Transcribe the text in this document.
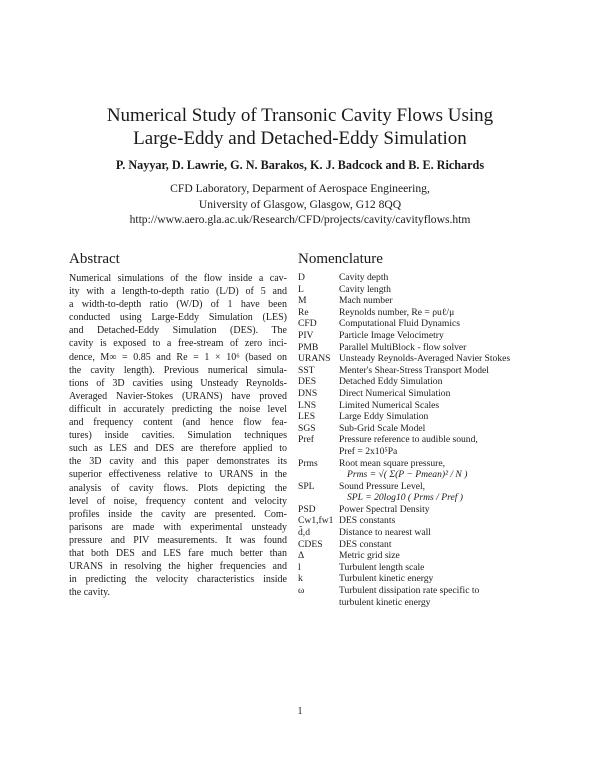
Numerical Study of Transonic Cavity Flows Using
Large-Eddy and Detached-Eddy Simulation
P. Nayyar, D. Lawrie, G. N. Barakos, K. J. Badcock and B. E. Richards
CFD Laboratory, Deparment of Aerospace Engineering,
University of Glasgow, Glasgow, G12 8QQ
http://www.aero.gla.ac.uk/Research/CFD/projects/cavity/cavityflows.htm
Abstract	Nomenclature
Numerical simulations of the flow inside a cav-
ity with a length-to-depth ratio (L/D) of 5 and
a width-to-depth ratio (W/D) of 1 have been
conducted using Large-Eddy Simulation (LES)
and Detached-Eddy Simulation (DES). The
cavity is exposed to a free-stream of zero inci-
dence, M∞ = 0.85 and Re = 1 × 10⁶ (based on
the cavity length). Previous numerical simula-
tions of 3D cavities using Unsteady Reynolds-
Averaged Navier-Stokes (URANS) have proved
difficult in accurately predicting the noise level
and frequency content (and hence flow fea-
tures) inside cavities. Simulation techniques
such as LES and DES are therefore applied to
the 3D cavity and this paper demonstrates its
superior effectiveness relative to URANS in the
analysis of cavity flows. Plots depicting the
level of noise, frequency content and velocity
profiles inside the cavity are presented. Com-
parisons are made with experimental unsteady
pressure and PIV measurements. It was found
that both DES and LES fare much better than
URANS in resolving the higher frequencies and
in predicting the velocity characteristics inside
the cavity.
D	Cavity depth
L	Cavity length
M	Mach number
Re	Reynolds number, Re = ρuℓ/μ
CFD	Computational Fluid Dynamics
PIV	Particle Image Velocimetry
PMB	Parallel MultiBlock - flow solver
URANS Unsteady Reynolds-Averaged Navier Stokes
SST	Menter's Shear-Stress Transport Model
DES	Detached Eddy Simulation
DNS	Direct Numerical Simulation
LNS	Limited Numerical Scales
LES	Large Eddy Simulation
SGS	Sub-Grid Scale Model
Pref	Pressure reference to audible sound,
Pref = 2x10⁵Pa
Prms	Root mean square pressure,
Prms = √( Σ(P − Pmean)² / N )
SPL	Sound Pressure Level,
SPL = 20log10 ( Prms / Pref )
PSD	Power Spectral Density
Cw1,fw1 DES constants
d̃,d	Distance to nearest wall
CDES	DES constant
Δ	Metric grid size
l	Turbulent length scale
k	Turbulent kinetic energy
ω	Turbulent dissipation rate specific to
turbulent kinetic energy
1
